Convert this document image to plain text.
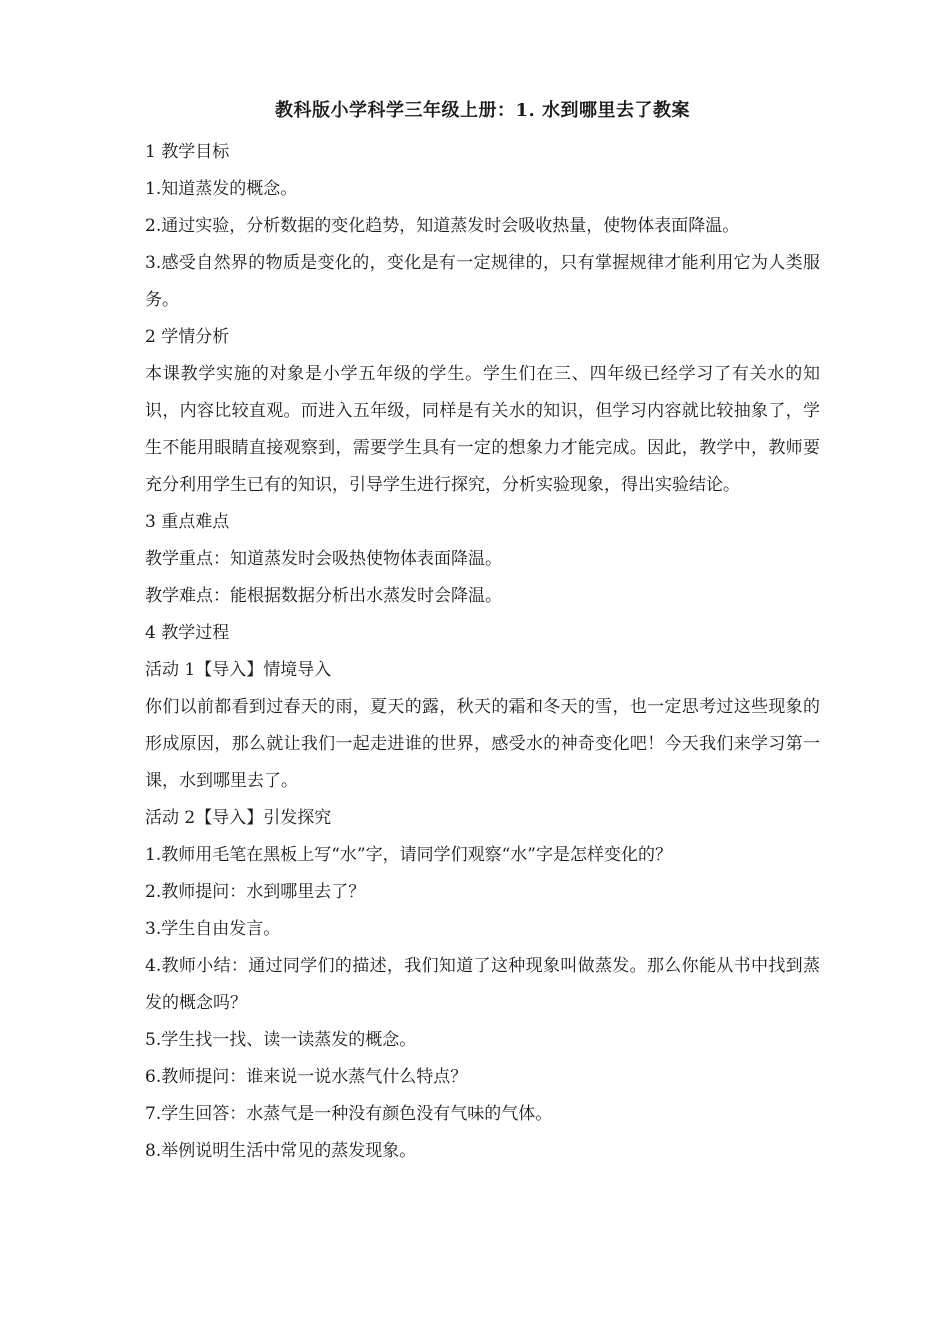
教科版小学科学三年级上册：1. 水到哪里去了教案

1 教学目标

1.知道蒸发的概念。

2.通过实验，分析数据的变化趋势，知道蒸发时会吸收热量，使物体表面降温。

3.感受自然界的物质是变化的，变化是有一定规律的，只有掌握规律才能利用它为人类服务。

2 学情分析

本课教学实施的对象是小学五年级的学生。学生们在三、四年级已经学习了有关水的知识，内容比较直观。而进入五年级，同样是有关水的知识，但学习内容就比较抽象了，学生不能用眼睛直接观察到，需要学生具有一定的想象力才能完成。因此，教学中，教师要充分利用学生已有的知识，引导学生进行探究，分析实验现象，得出实验结论。

3 重点难点

教学重点：知道蒸发时会吸热使物体表面降温。

教学难点：能根据数据分析出水蒸发时会降温。

4 教学过程

活动 1【导入】情境导入

你们以前都看到过春天的雨，夏天的露，秋天的霜和冬天的雪，也一定思考过这些现象的形成原因，那么就让我们一起走进谁的世界，感受水的神奇变化吧！今天我们来学习第一课，水到哪里去了。

活动 2【导入】引发探究

1.教师用毛笔在黑板上写“水”字，请同学们观察“水”字是怎样变化的？

2.教师提问：水到哪里去了？

3.学生自由发言。

4.教师小结：通过同学们的描述，我们知道了这种现象叫做蒸发。那么你能从书中找到蒸发的概念吗？

5.学生找一找、读一读蒸发的概念。

6.教师提问：谁来说一说水蒸气什么特点？

7.学生回答：水蒸气是一种没有颜色没有气味的气体。

8.举例说明生活中常见的蒸发现象。
